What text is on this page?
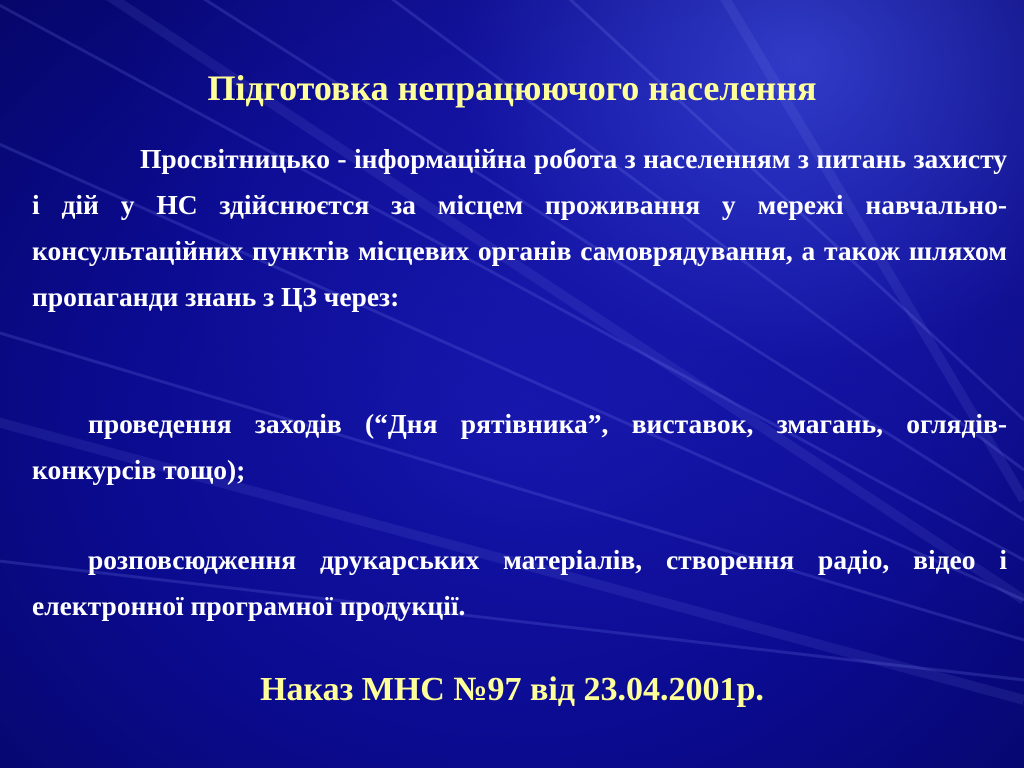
Підготовка непрацюючого населення

Просвітницько - інформаційна робота з населенням з питань захисту і дій у НС здійснюєтся за місцем проживання у мережі навчально-консультаційних пунктів місцевих органів самоврядування, а також шляхом пропаганди знань з ЦЗ через:

проведення заходів (“Дня рятівника”, виставок, змагань, оглядів-конкурсів тощо);

розповсюдження друкарських матеріалів, створення радіо, відео і електронної програмної продукції.

Наказ МНС №97 від 23.04.2001р.
